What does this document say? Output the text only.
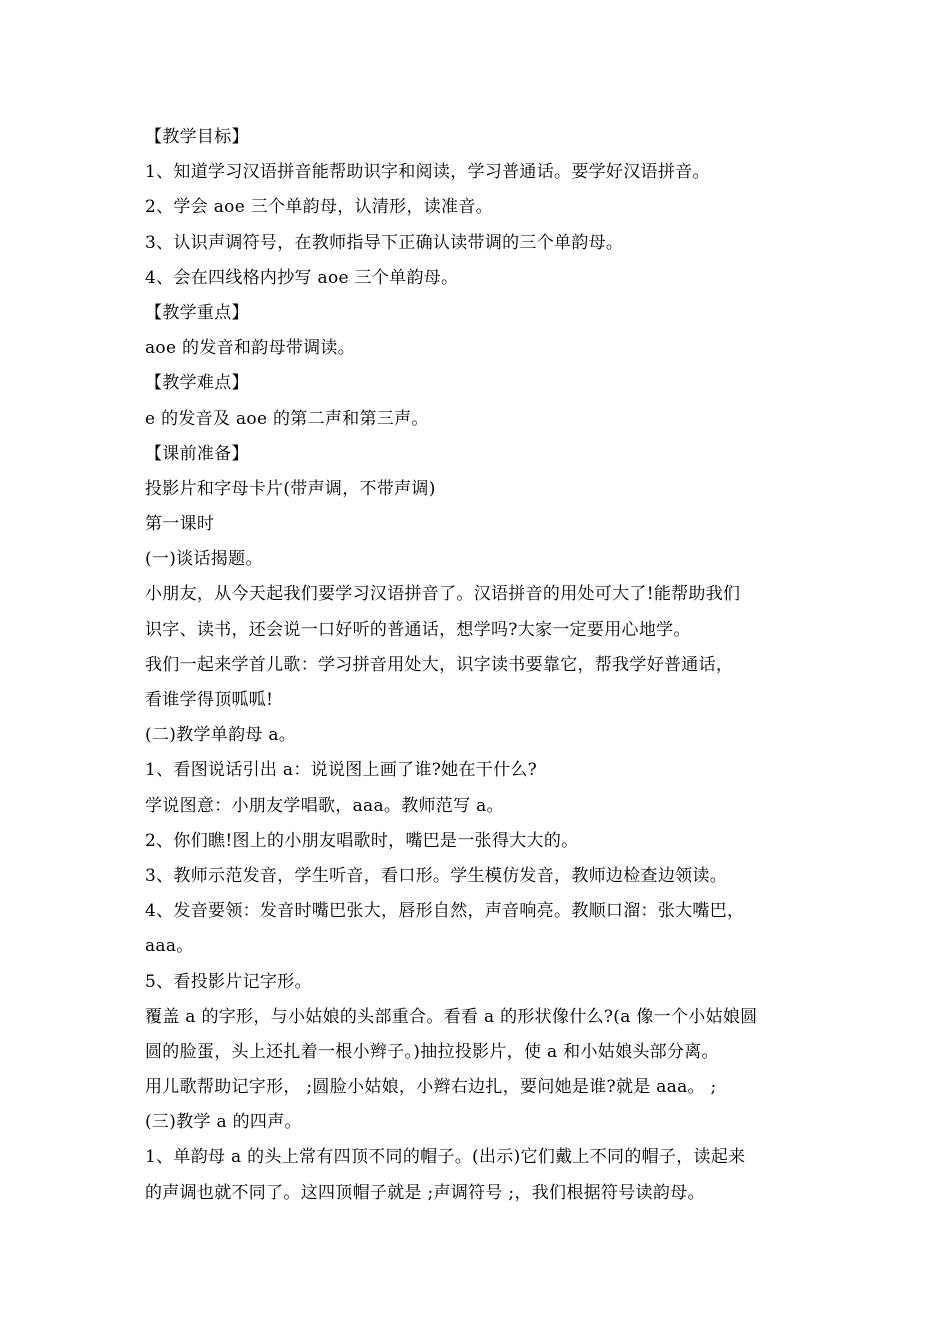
【教学目标】
1、知道学习汉语拼音能帮助识字和阅读，学习普通话。要学好汉语拼音。
2、学会 aoe 三个单韵母，认清形，读准音。
3、认识声调符号，在教师指导下正确认读带调的三个单韵母。
4、会在四线格内抄写 aoe 三个单韵母。
【教学重点】
aoe 的发音和韵母带调读。
【教学难点】
e 的发音及 aoe 的第二声和第三声。
【课前准备】
投影片和字母卡片(带声调，不带声调)
第一课时
(一)谈话揭题。
小朋友，从今天起我们要学习汉语拼音了。汉语拼音的用处可大了!能帮助我们
识字、读书，还会说一口好听的普通话，想学吗?大家一定要用心地学。
我们一起来学首儿歌：学习拼音用处大，识字读书要靠它，帮我学好普通话，
看谁学得顶呱呱!
(二)教学单韵母 a。
1、看图说话引出 a：说说图上画了谁?她在干什么?
学说图意：小朋友学唱歌，aaa。教师范写 a。
2、你们瞧!图上的小朋友唱歌时，嘴巴是一张得大大的。
3、教师示范发音，学生听音，看口形。学生模仿发音，教师边检查边领读。
4、发音要领：发音时嘴巴张大，唇形自然，声音响亮。教顺口溜：张大嘴巴，
aaa。
5、看投影片记字形。
覆盖 a 的字形，与小姑娘的头部重合。看看 a 的形状像什么?(a 像一个小姑娘圆
圆的脸蛋，头上还扎着一根小辫子。)抽拉投影片，使 a 和小姑娘头部分离。
用儿歌帮助记字形， ;圆脸小姑娘，小辫右边扎，要问她是谁?就是 aaa。 ;
(三)教学 a 的四声。
1、单韵母 a 的头上常有四顶不同的帽子。(出示)它们戴上不同的帽子，读起来
的声调也就不同了。这四顶帽子就是 ;声调符号 ;，我们根据符号读韵母。
